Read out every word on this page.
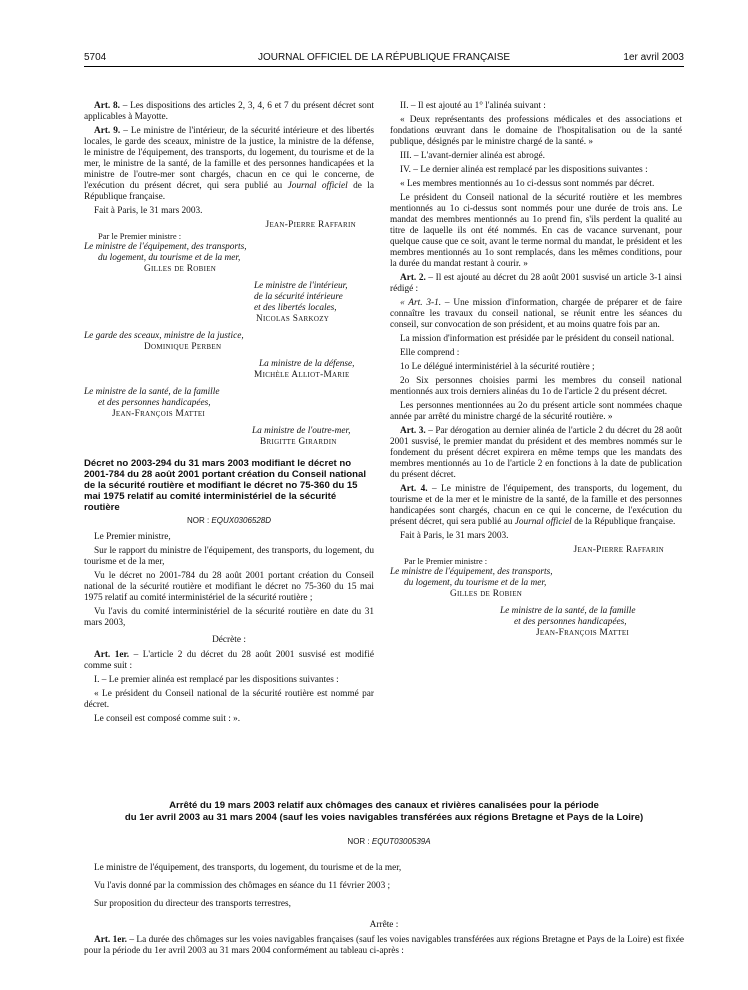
5704	JOURNAL OFFICIEL DE LA RÉPUBLIQUE FRANÇAISE	1er avril 2003

Art. 8. – Les dispositions des articles 2, 3, 4, 6 et 7 du présent décret sont applicables à Mayotte.

Art. 9. – Le ministre de l'intérieur, de la sécurité intérieure et des libertés locales, le garde des sceaux, ministre de la justice, la ministre de la défense, le ministre de l'équipement, des transports, du logement, du tourisme et de la mer, le ministre de la santé, de la famille et des personnes handicapées et la ministre de l'outre-mer sont chargés, chacun en ce qui le concerne, de l'exécution du présent décret, qui sera publié au Journal officiel de la République française.

Fait à Paris, le 31 mars 2003.

Jean-Pierre Raffarin

Par le Premier ministre :

Le ministre de l'équipement, des transports,

du logement, du tourisme et de la mer,

Gilles de Robien

Le ministre de l'intérieur,

de la sécurité intérieure

et des libertés locales,

Nicolas Sarkozy

Le garde des sceaux, ministre de la justice,

Dominique Perben

La ministre de la défense,

Michèle Alliot-Marie

Le ministre de la santé, de la famille

et des personnes handicapées,

Jean-François Mattei

La ministre de l'outre-mer,

Brigitte Girardin

Décret no 2003-294 du 31 mars 2003 modifiant le décret no 2001-784 du 28 août 2001 portant création du Conseil national de la sécurité routière et modifiant le décret no 75-360 du 15 mai 1975 relatif au comité interministériel de la sécurité routière

NOR : EQUX0306528D

Le Premier ministre,

Sur le rapport du ministre de l'équipement, des transports, du logement, du tourisme et de la mer,

Vu le décret no 2001-784 du 28 août 2001 portant création du Conseil national de la sécurité routière et modifiant le décret no 75-360 du 15 mai 1975 relatif au comité interministériel de la sécurité routière ;

Vu l'avis du comité interministériel de la sécurité routière en date du 31 mars 2003,

Décrète :

Art. 1er. – L'article 2 du décret du 28 août 2001 susvisé est modifié comme suit :

I. – Le premier alinéa est remplacé par les dispositions suivantes :

« Le président du Conseil national de la sécurité routière est nommé par décret.

Le conseil est composé comme suit : ».

II. – Il est ajouté au 1° l'alinéa suivant :

« Deux représentants des professions médicales et des associations et fondations œuvrant dans le domaine de l'hospitalisation ou de la santé publique, désignés par le ministre chargé de la santé. »

III. – L'avant-dernier alinéa est abrogé.

IV. – Le dernier alinéa est remplacé par les dispositions suivantes :

« Les membres mentionnés au 1o ci-dessus sont nommés par décret.

Le président du Conseil national de la sécurité routière et les membres mentionnés au 1o ci-dessus sont nommés pour une durée de trois ans. Le mandat des membres mentionnés au 1o prend fin, s'ils perdent la qualité au titre de laquelle ils ont été nommés. En cas de vacance survenant, pour quelque cause que ce soit, avant le terme normal du mandat, le président et les membres mentionnés au 1o sont remplacés, dans les mêmes conditions, pour la durée du mandat restant à courir. »

Art. 2. – Il est ajouté au décret du 28 août 2001 susvisé un article 3-1 ainsi rédigé :

« Art. 3-1. – Une mission d'information, chargée de préparer et de faire connaître les travaux du conseil national, se réunit entre les séances du conseil, sur convocation de son président, et au moins quatre fois par an.

La mission d'information est présidée par le président du conseil national.

Elle comprend :

1o Le délégué interministériel à la sécurité routière ;

2o Six personnes choisies parmi les membres du conseil national mentionnés aux trois derniers alinéas du 1o de l'article 2 du présent décret.

Les personnes mentionnées au 2o du présent article sont nommées chaque année par arrêté du ministre chargé de la sécurité routière. »

Art. 3. – Par dérogation au dernier alinéa de l'article 2 du décret du 28 août 2001 susvisé, le premier mandat du président et des membres nommés sur le fondement du présent décret expirera en même temps que les mandats des membres mentionnés au 1o de l'article 2 en fonctions à la date de publication du présent décret.

Art. 4. – Le ministre de l'équipement, des transports, du logement, du tourisme et de la mer et le ministre de la santé, de la famille et des personnes handicapées sont chargés, chacun en ce qui le concerne, de l'exécution du présent décret, qui sera publié au Journal officiel de la République française.

Fait à Paris, le 31 mars 2003.

Jean-Pierre Raffarin

Par le Premier ministre :

Le ministre de l'équipement, des transports,

du logement, du tourisme et de la mer,

Gilles de Robien

Le ministre de la santé, de la famille

et des personnes handicapées,

Jean-François Mattei

Arrêté du 19 mars 2003 relatif aux chômages des canaux et rivières canalisées pour la période
du 1er avril 2003 au 31 mars 2004 (sauf les voies navigables transférées aux régions Bretagne et Pays de la Loire)

NOR : EQUT0300539A

Le ministre de l'équipement, des transports, du logement, du tourisme et de la mer,

Vu l'avis donné par la commission des chômages en séance du 11 février 2003 ;

Sur proposition du directeur des transports terrestres,

Arrête :

Art. 1er. – La durée des chômages sur les voies navigables françaises (sauf les voies navigables transférées aux régions Bretagne et Pays de la Loire) est fixée pour la période du 1er avril 2003 au 31 mars 2004 conformément au tableau ci-après :
